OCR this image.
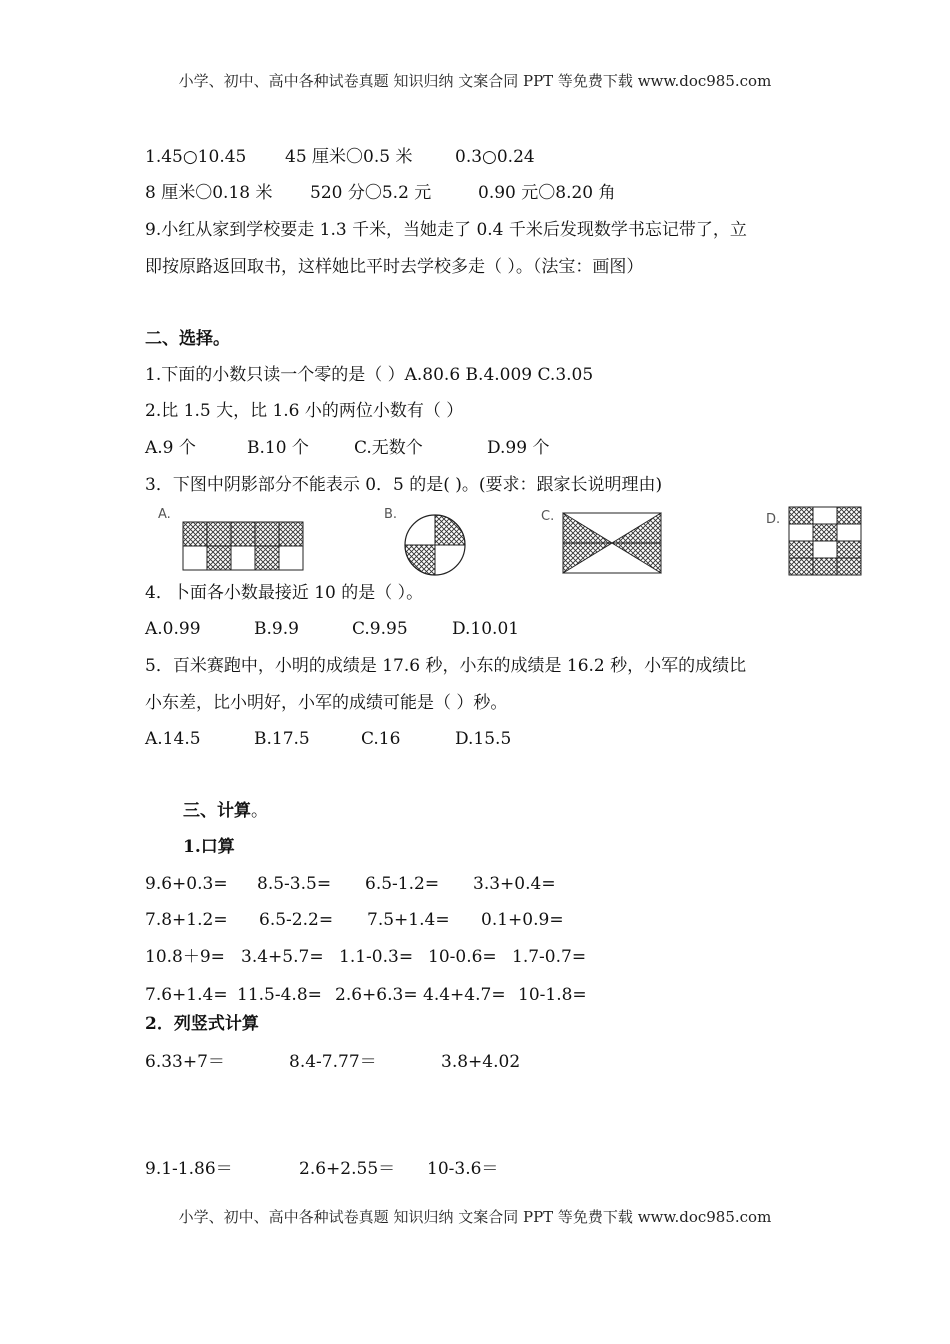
小学、初中、高中各种试卷真题 知识归纳 文案合同 PPT 等免费下载 www.doc985.com
1.45○10.45 45 厘米〇0.5 米	0.3○0.24
8 厘米〇0.18 米 520 分〇5.2 元	0.90 元〇8.20 角
9.小红从家到学校要走 1.3 千米，当她走了 0.4 千米后发现数学书忘记带了，立
即按原路返回取书，这样她比平时去学校多走（ ）。（法宝：画图）
二、选择。
1.下面的小数只读一个零的是（ ）A.80.6 B.4.009 C.3.05
2.比 1.5 大，比 1.6 小的两位小数有（ ）
A.9 个	B.10 个	C.无数个	D.99 个
3．下图中阴影部分不能表示 0．5 的是( )。(要求：跟家长说明理由)
A.	B.	C.	D.
4．卜面各小数最接近 10 的是（ ）。
A.0.99	B.9.9	C.9.95	D.10.01
5．百米赛跑中，小明的成绩是 17.6 秒，小东的成绩是 16.2 秒，小军的成绩比
小东差，比小明好，小军的成绩可能是（ ）秒。
A.14.5	B.17.5	C.16	D.15.5
三、计算。
1.口算
9.6+0.3= 8.5-3.5= 6.5-1.2= 3.3+0.4=
7.8+1.2= 6.5-2.2= 7.5+1.4= 0.1+0.9=
10.8＋9= 3.4+5.7= 1.1-0.3= 10-0.6= 1.7-0.7=
7.6+1.4= 11.5-4.8= 2.6+6.3= 4.4+4.7= 10-1.8=
2．列竖式计算
6.33+7＝	8.4-7.77＝	3.8+4.02
9.1-1.86＝	2.6+2.55＝ 10-3.6＝
小学、初中、高中各种试卷真题 知识归纳 文案合同 PPT 等免费下载 www.doc985.com
